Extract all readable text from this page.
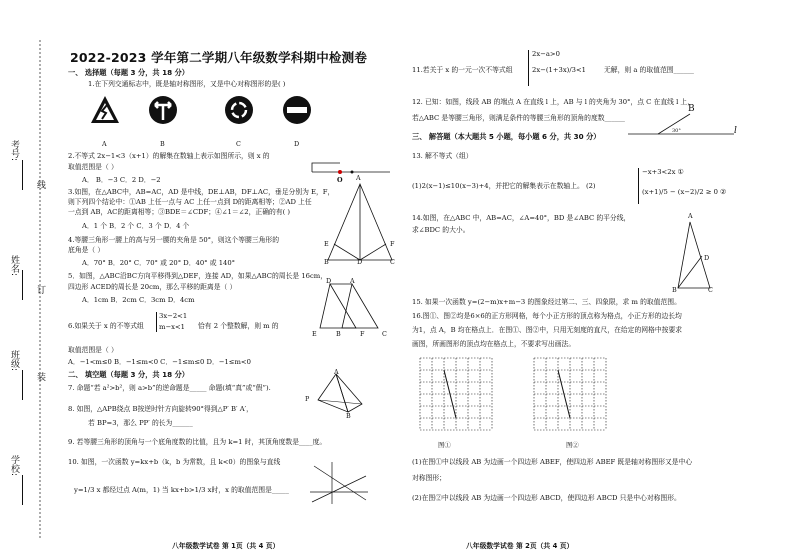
考号:
姓名:
班级:
学校:
线
订
装
2022-2023 学年第二学期八年级数学科期中检测卷
一、 选择题（每题 3 分，共 18 分）
1.在下列交通标志中，既是轴对称图形，又是中心对称图形的是( )
A	B	C	D
2.不等式 2x−1<3（x+1）的解集在数轴上表示如图所示，则 x 的
取值范围是（ ）
A． B．−3 C．2 D．−2
3.如图，在△ABC中，AB=AC，AD 是中线，DE⊥AB，DF⊥AC，垂足分别为 E，F，
则下列四个结论中：①AB 上任一点与 AC 上任一点到 D的距离相等；②AD 上任
一点到 AB，AC的距离相等；③BDE＝∠CDF；④∠1＝∠2，正确的有( )
A．1 个 B．2 个 C．3 个 D．4 个
A
E	F
B	D	C
O
4.等腰三角形一腰上的高与另一腰的夹角是 50°，则这个等腰三角形的
底角是（ ）
A．70° B．20° C．70° 或 20° D．40° 或 140°
5．如图，△ABC沿BC方向平移得到△DEF，连接 AD，如果△ABC的周长是 16cm，
四边形 ACED的周长是 20cm，那么平移的距离是（ ）
A．1cm B．2cm C．3cm D．4cm
D	A
E	B	F	C
6.如果关于 x 的不等式组
3x−2<1
m−x<1 恰有 2 个整数解，则 m 的
取值范围是（ ）
A．−1<m≤0 B．−1≤m<0 C．−1≤m≤0 D．−1≤m<0
二、 填空题（每题 3 分，共 18 分）
7. 命题“若 a²>b²，则 a>b”的逆命题是_____ 命题(填“真”或“假”).
8. 如图，△APB绕点 B按逆时针方向旋转90°得到△P′ B′ A′，
若 BP=3，那么 PP′ 的长为______
P
A
B
9. 若等腰三角形的顶角与一个底角度数的比值，且为 k=1 时，其顶角度数是____度。
10. 如图，一次函数 y=kx+b（k，b 为常数，且 k<0）的图象与直线
y=1/3 x 都经过点 A(m，1) 当 kx+b>1/3 x时，x 的取值范围是_____
八年级数学试卷 第 1页（共 4 页）
11.若关于 x 的一元一次不等式组
2x−a>0
2x−(1+3x)/3<1	无解，则 a 的取值范围______
12. 已知：如图，线段 AB 的端点 A 在直线 l 上，AB 与 l 的夹角为 30°，点 C 在直线 l 上，
若△ABC 是等腰三角形，则满足条件的等腰三角形的顶角的度数______
B
30°	l
三、 解答题（本大题共 5 小题，每小题 6 分，共 30 分）
13. 解不等式（组）
(1)2(x−1)≤10(x−3)+4，并把它的解集表示在数轴上。 (2)
−x+3<2x ①
(x+1)/5 − (x−2)/2 ≥ 0 ②
14.如图，在△ABC 中，AB=AC，∠A=40°，BD 是∠ABC 的平分线，
求∠BDC 的大小。
A
D
B	C
15. 如果一次函数 y=(2−m)x+m−3 的图象经过第二、三、四象限，求 m 的取值范围。
16.图①、图②均是6×6的正方形网格，每个小正方形的顶点称为格点，小正方形的边长均
为1，点 A，B 均在格点上．在图①、图②中，只用无刻度的直尺，在给定的网格中按要求
画图，所画图形的顶点均在格点上，不要求写出画法。
图①	图②
(1)在图①中以线段 AB 为边画一个四边形 ABEF，使四边形 ABEF 既是轴对称图形又是中心
对称图形；
(2)在图②中以线段 AB 为边画一个四边形 ABCD，使四边形 ABCD 只是中心对称图形。
八年级数学试卷 第 2页（共 4 页）
